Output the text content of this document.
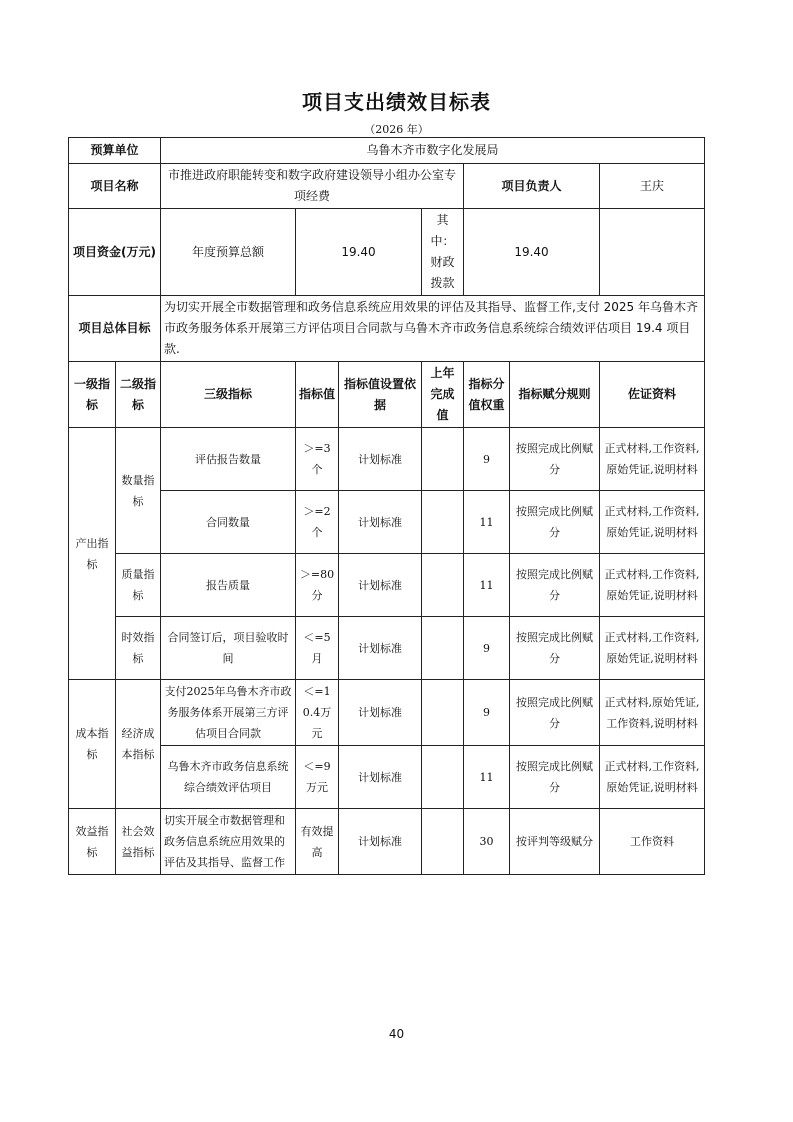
项目支出绩效目标表
（2026 年）
预算单位		乌鲁木齐市数字化发展局						
项目名称		市推进政府职能转变和数字政府建设领导小组办公室专项经费				项目负责人		王庆
项目资金(万元)		年度预算总额	19.40		其中：财政拨款	19.40		
项目总体目标		为切实开展全市数据管理和政务信息系统应用效果的评估及其指导、监督工作,支付 2025 年乌鲁木齐市政务服务体系开展第三方评估项目合同款与乌鲁木齐市政务信息系统综合绩效评估项目 19.4 项目款.						
一级指标	二级指标	三级指标	指标值	指标值设置依据	上年完成值	指标分值权重	指标赋分规则	佐证资料
产出指标	数量指标	评估报告数量	＞=3个	计划标准		9	按照完成比例赋分	正式材料,工作资料,原始凭证,说明材料
		合同数量	＞=2个	计划标准		11	按照完成比例赋分	正式材料,工作资料,原始凭证,说明材料
	质量指标	报告质量	＞=80分	计划标准		11	按照完成比例赋分	正式材料,工作资料,原始凭证,说明材料
	时效指标	合同签订后，项目验收时间	＜=5月	计划标准		9	按照完成比例赋分	正式材料,工作资料,原始凭证,说明材料
成本指标	经济成本指标	支付2025年乌鲁木齐市政务服务体系开展第三方评估项目合同款	＜=10.4万元	计划标准		9	按照完成比例赋分	正式材料,原始凭证,工作资料,说明材料
		乌鲁木齐市政务信息系统综合绩效评估项目	＜=9万元	计划标准		11	按照完成比例赋分	正式材料,工作资料,原始凭证,说明材料
效益指标	社会效益指标	切实开展全市数据管理和政务信息系统应用效果的评估及其指导、监督工作	有效提高	计划标准		30	按评判等级赋分	工作资料
40
